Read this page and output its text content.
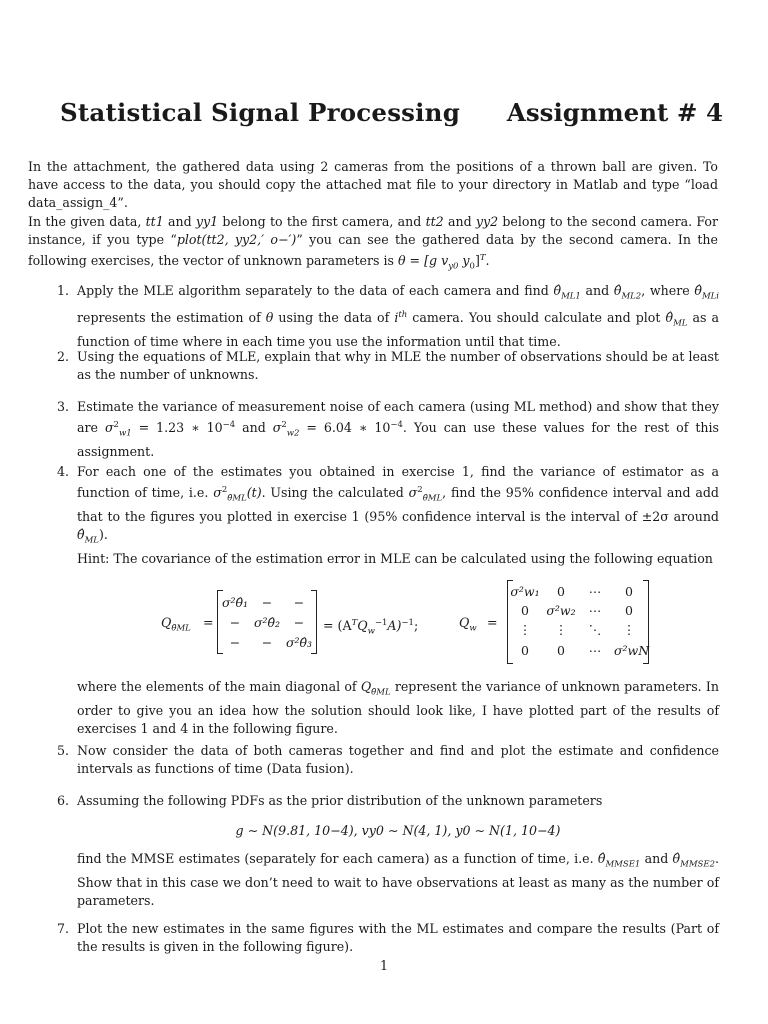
Statistical Signal Processing Assignment # 4

In the attachment, the gathered data using 2 cameras from the positions of a thrown ball are given. To have access to the data, you should copy the attached mat file to your directory in Matlab and type “load data_assign_4”.

In the given data, tt1 and yy1 belong to the first camera, and tt2 and yy2 belong to the second camera. For instance, if you type “plot(tt2, yy2,′ o−′)” you can see the gathered data by the second camera. In the following exercises, the vector of unknown parameters is θ = [g $v_{y0}$ $y_0]^T$.

1. Apply the MLE algorithm separately to the data of each camera and find $\thetâ_{ML1}$ and $\thetâ_{ML2}$, where $\thetâ_{MLi}$ represents the estimation of θ using the data of $i^{th}$ camera. You should calculate and plot $\thetâ_{ML}$ as a function of time where in each time you use the information until that time.
2. Using the equations of MLE, explain that why in MLE the number of observations should be at least as the number of unknowns.
3. Estimate the variance of measurement noise of each camera (using ML method) and show that they are $\sigma^2_{w1} = 1.23$ ∗ $10^{-4}$ and $\sigma^2_{w2} = 6.04$ ∗ $10^{-4}$. You can use these values for the rest of this assignment.
4. For each one of the estimates you obtained in exercise 1, find the variance of estimator as a function of time, i.e. $\sigma^2_{\thetâML}(t)$. Using the calculated $\sigma^2_{\thetâML}$, find the 95% confidence interval and add that to the figures you plotted in exercise 1 (95% confidence interval is the interval of ±2σ around $\thetâ_{ML}$).
Hint: The covariance of the estimation error in MLE can be calculated using the following equation
$Q_{\thetâML}$ =
σ²θ̂₁	−	−
−	σ²θ̂₂	−
−	−	σ²θ̂₃
= $(A^TQ_w^{-1}A)^{-1}$;	$Q_w$ =
σ²w₁	0	⋯	0
0	σ²w₂	⋯	0
⋮	⋮	⋱	⋮
0	0	⋯	σ²wN
where the elements of the main diagonal of $Q_{\thetâML}$ represent the variance of unknown parameters. In order to give you an idea how the solution should look like, I have plotted part of the results of exercises 1 and 4 in the following figure.
5. Now consider the data of both cameras together and find and plot the estimate and confidence intervals as functions of time (Data fusion).
6. Assuming the following PDFs as the prior distribution of the unknown parameters
g ∼ N(9.81, 10−4), vy0 ∼ N(4, 1), y0 ∼ N(1, 10−4)
find the MMSE estimates (separately for each camera) as a function of time, i.e. $\thetâ_{MMSE1}$ and $\thetâ_{MMSE2}$. Show that in this case we don’t need to wait to have observations at least as many as the number of parameters.
7. Plot the new estimates in the same figures with the ML estimates and compare the results (Part of the results is given in the following figure).
1
